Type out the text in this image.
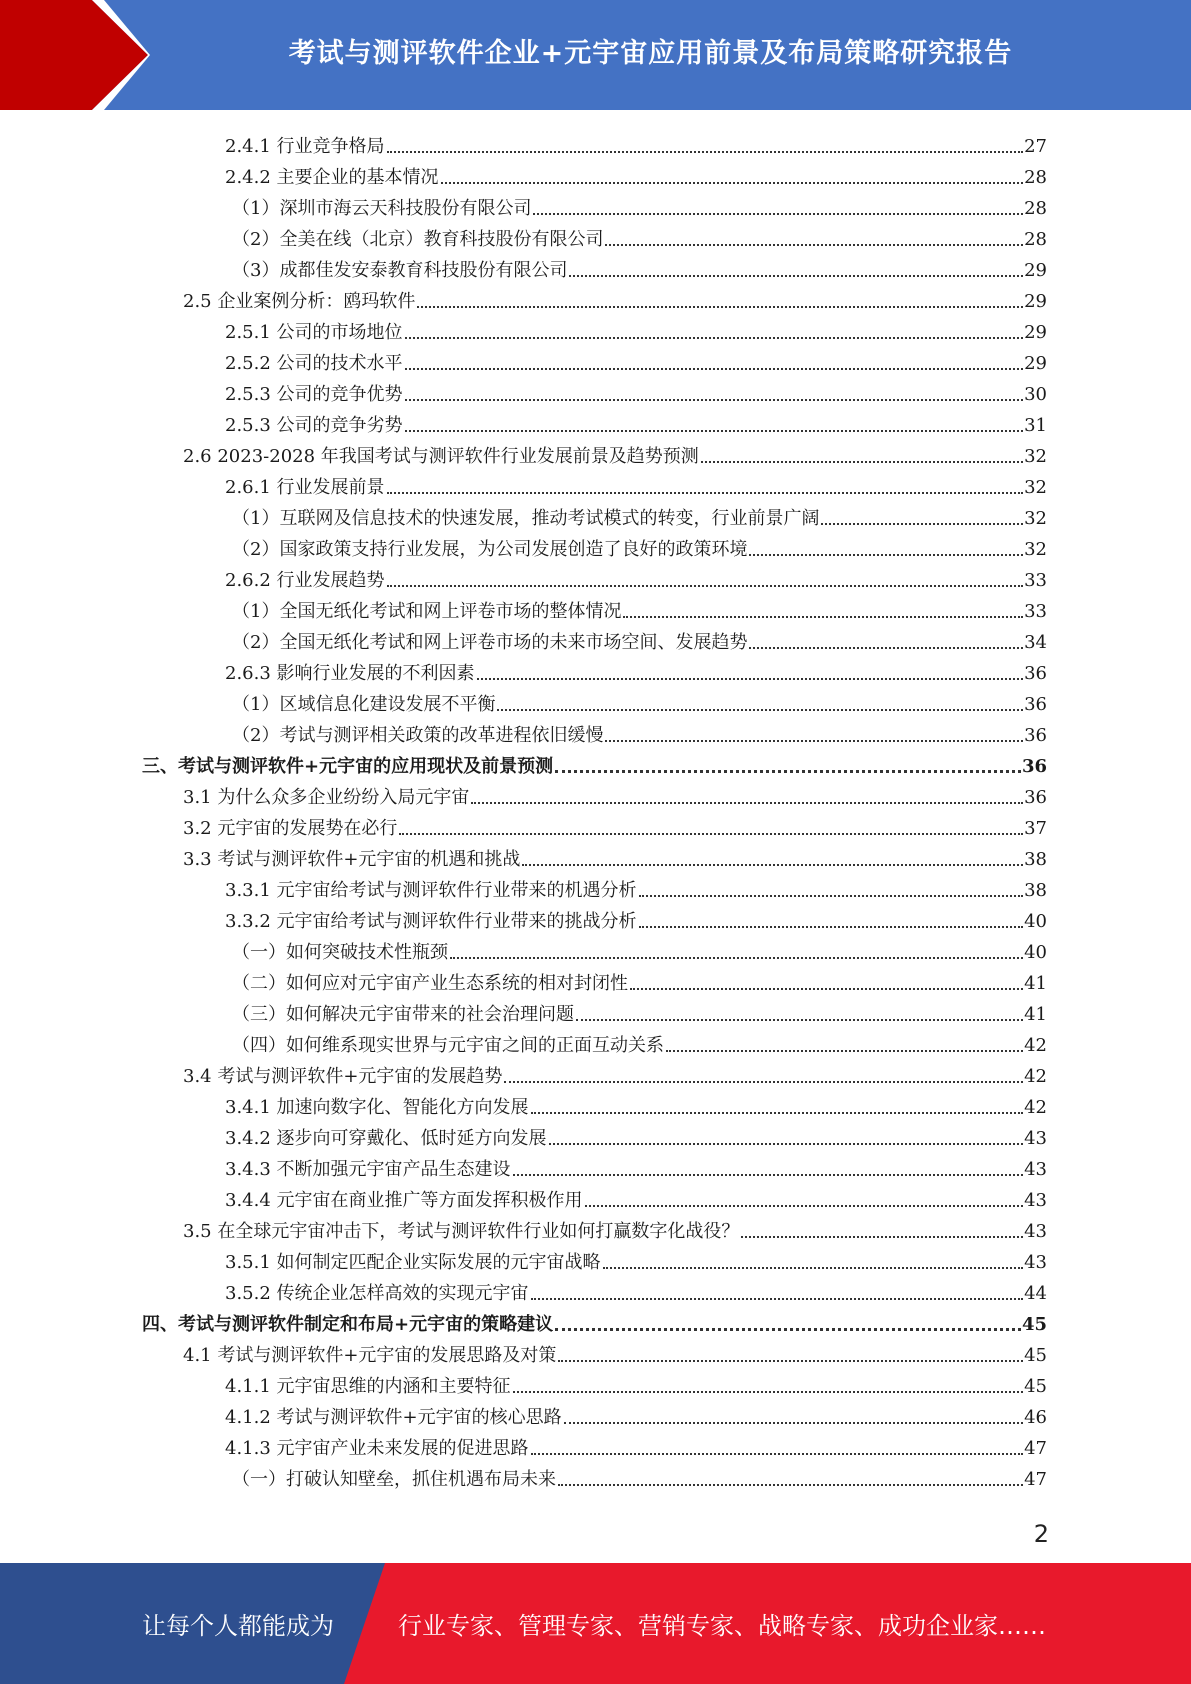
考试与测评软件企业+元宇宙应用前景及布局策略研究报告
2.4.1 行业竞争格局	27
2.4.2 主要企业的基本情况	28
（1）深圳市海云天科技股份有限公司	28
（2）全美在线（北京）教育科技股份有限公司	28
（3）成都佳发安泰教育科技股份有限公司	29
2.5 企业案例分析：鸥玛软件	29
2.5.1 公司的市场地位	29
2.5.2 公司的技术水平	29
2.5.3 公司的竞争优势	30
2.5.3 公司的竞争劣势	31
2.6 2023-2028 年我国考试与测评软件行业发展前景及趋势预测	32
2.6.1 行业发展前景	32
（1）互联网及信息技术的快速发展，推动考试模式的转变，行业前景广阔	32
（2）国家政策支持行业发展，为公司发展创造了良好的政策环境	32
2.6.2 行业发展趋势	33
（1）全国无纸化考试和网上评卷市场的整体情况	33
（2）全国无纸化考试和网上评卷市场的未来市场空间、发展趋势	34
2.6.3 影响行业发展的不利因素	36
（1）区域信息化建设发展不平衡	36
（2）考试与测评相关政策的改革进程依旧缓慢	36
三、考试与测评软件+元宇宙的应用现状及前景预测	36
3.1 为什么众多企业纷纷入局元宇宙	36
3.2 元宇宙的发展势在必行	37
3.3 考试与测评软件+元宇宙的机遇和挑战	38
3.3.1 元宇宙给考试与测评软件行业带来的机遇分析	38
3.3.2 元宇宙给考试与测评软件行业带来的挑战分析	40
（一）如何突破技术性瓶颈	40
（二）如何应对元宇宙产业生态系统的相对封闭性	41
（三）如何解决元宇宙带来的社会治理问题	41
（四）如何维系现实世界与元宇宙之间的正面互动关系	42
3.4 考试与测评软件+元宇宙的发展趋势	42
3.4.1 加速向数字化、智能化方向发展	42
3.4.2 逐步向可穿戴化、低时延方向发展	43
3.4.3 不断加强元宇宙产品生态建设	43
3.4.4 元宇宙在商业推广等方面发挥积极作用	43
3.5 在全球元宇宙冲击下，考试与测评软件行业如何打赢数字化战役？	43
3.5.1 如何制定匹配企业实际发展的元宇宙战略	43
3.5.2 传统企业怎样高效的实现元宇宙	44
四、考试与测评软件制定和布局+元宇宙的策略建议	45
4.1 考试与测评软件+元宇宙的发展思路及对策	45
4.1.1 元宇宙思维的内涵和主要特征	45
4.1.2 考试与测评软件+元宇宙的核心思路	46
4.1.3 元宇宙产业未来发展的促进思路	47
（一）打破认知壁垒，抓住机遇布局未来	47
2
让每个人都能成为	行业专家、管理专家、营销专家、战略专家、成功企业家……
